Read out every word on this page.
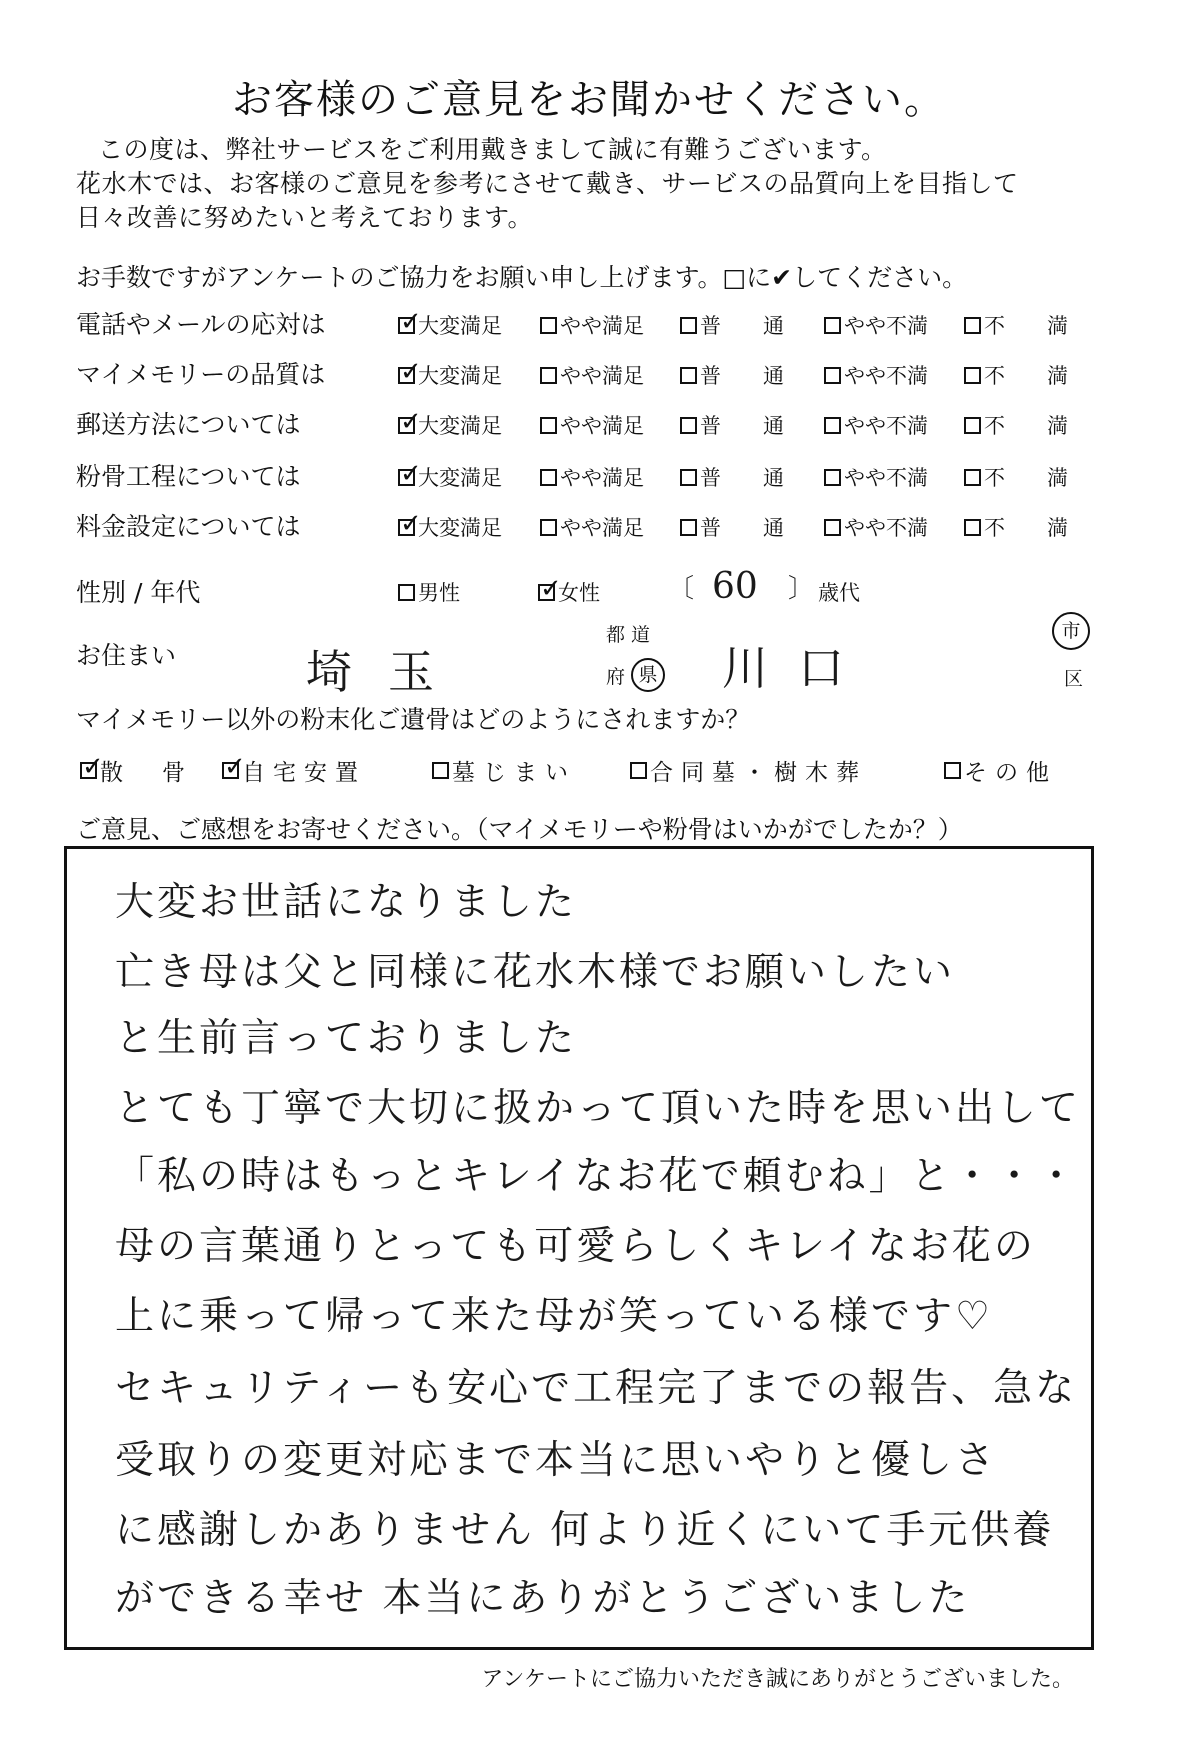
お客様のご意見をお聞かせください。
この度は、弊社サービスをご利用戴きまして誠に有難うございます。
花水木では、お客様のご意見を参考にさせて戴き、サービスの品質向上を目指して
日々改善に努めたいと考えております。
お手数ですがアンケートのご協力をお願い申し上げます。□に✔してください。
電話やメールの応対は ✓	大変満足	やや満足	普　　通	やや不満	不　　満
マイメモリーの品質は ✓	大変満足	やや満足	普　　通	やや不満	不　　満
郵送方法については ✓	大変満足	やや満足	普　　通	やや不満	不　　満
粉骨工程については ✓	大変満足	やや満足	普　　通	やや不満	不　　満
料金設定については ✓	大変満足	やや満足	普　　通	やや不満	不　　満
性別 / 年代	男性 ✓	女性	〔 60 〕 歳代
お住まい	埼玉
都道
府 県 川口
市
区
マイメモリー以外の粉末化ご遺骨はどのようにされますか？
✓
散　骨 ✓ 自宅安置	墓じまい	合同墓・樹木葬	その他
ご意見、ご感想をお寄せください。（マイメモリーや粉骨はいかがでしたか？）
大変お世話になりました
亡き母は父と同様に花水木様でお願いしたい
と生前言っておりました
とても丁寧で大切に扱かって頂いた時を思い出して
「私の時はもっとキレイなお花で頼むね」と・・・
母の言葉通りとっても可愛らしくキレイなお花の
上に乗って帰って来た母が笑っている様です♡
セキュリティーも安心で工程完了までの報告、急な
受取りの変更対応まで本当に思いやりと優しさ
に感謝しかありません 何より近くにいて手元供養
ができる幸せ 本当にありがとうございました
アンケートにご協力いただき誠にありがとうございました。
